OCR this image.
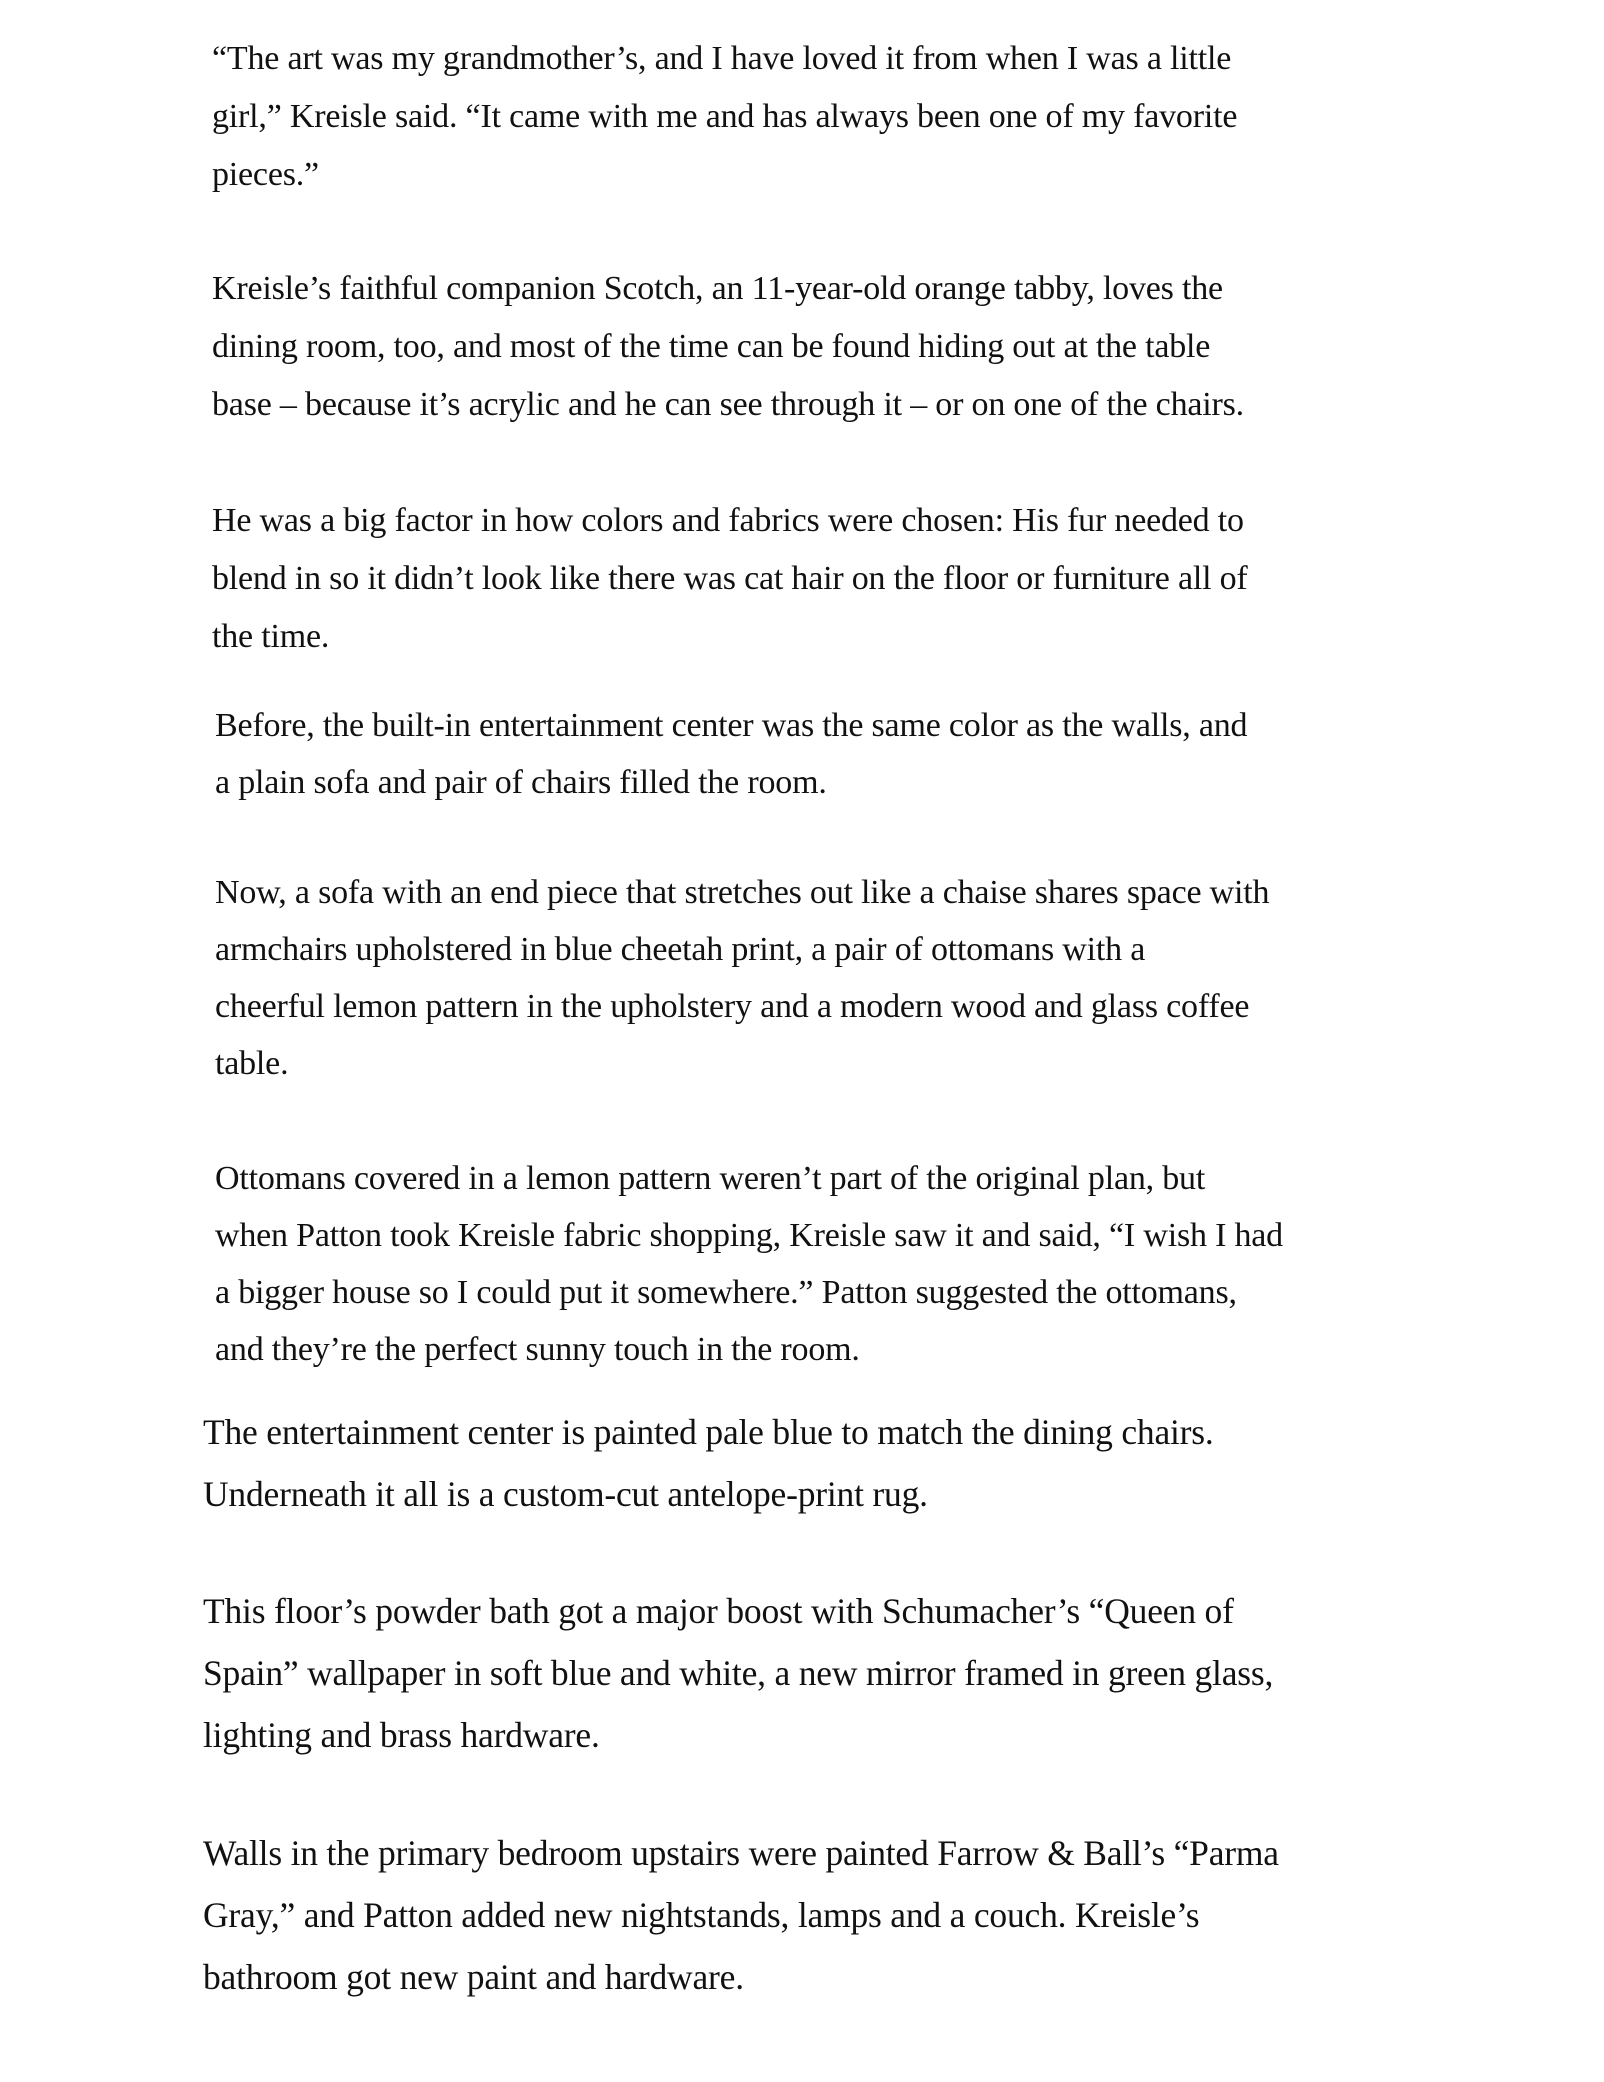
“The art was my grandmother’s, and I have loved it from when I was a little
girl,” Kreisle said. “It came with me and has always been one of my favorite
pieces.”

Kreisle’s faithful companion Scotch, an 11-year-old orange tabby, loves the
dining room, too, and most of the time can be found hiding out at the table
base – because it’s acrylic and he can see through it – or on one of the chairs.

He was a big factor in how colors and fabrics were chosen: His fur needed to
blend in so it didn’t look like there was cat hair on the floor or furniture all of
the time.

Before, the built-in entertainment center was the same color as the walls, and
a plain sofa and pair of chairs filled the room.

Now, a sofa with an end piece that stretches out like a chaise shares space with
armchairs upholstered in blue cheetah print, a pair of ottomans with a
cheerful lemon pattern in the upholstery and a modern wood and glass coffee
table.

Ottomans covered in a lemon pattern weren’t part of the original plan, but
when Patton took Kreisle fabric shopping, Kreisle saw it and said, “I wish I had
a bigger house so I could put it somewhere.” Patton suggested the ottomans,
and they’re the perfect sunny touch in the room.

The entertainment center is painted pale blue to match the dining chairs.
Underneath it all is a custom-cut antelope-print rug.

This floor’s powder bath got a major boost with Schumacher’s “Queen of
Spain” wallpaper in soft blue and white, a new mirror framed in green glass,
lighting and brass hardware.

Walls in the primary bedroom upstairs were painted Farrow & Ball’s “Parma
Gray,” and Patton added new nightstands, lamps and a couch. Kreisle’s
bathroom got new paint and hardware.
